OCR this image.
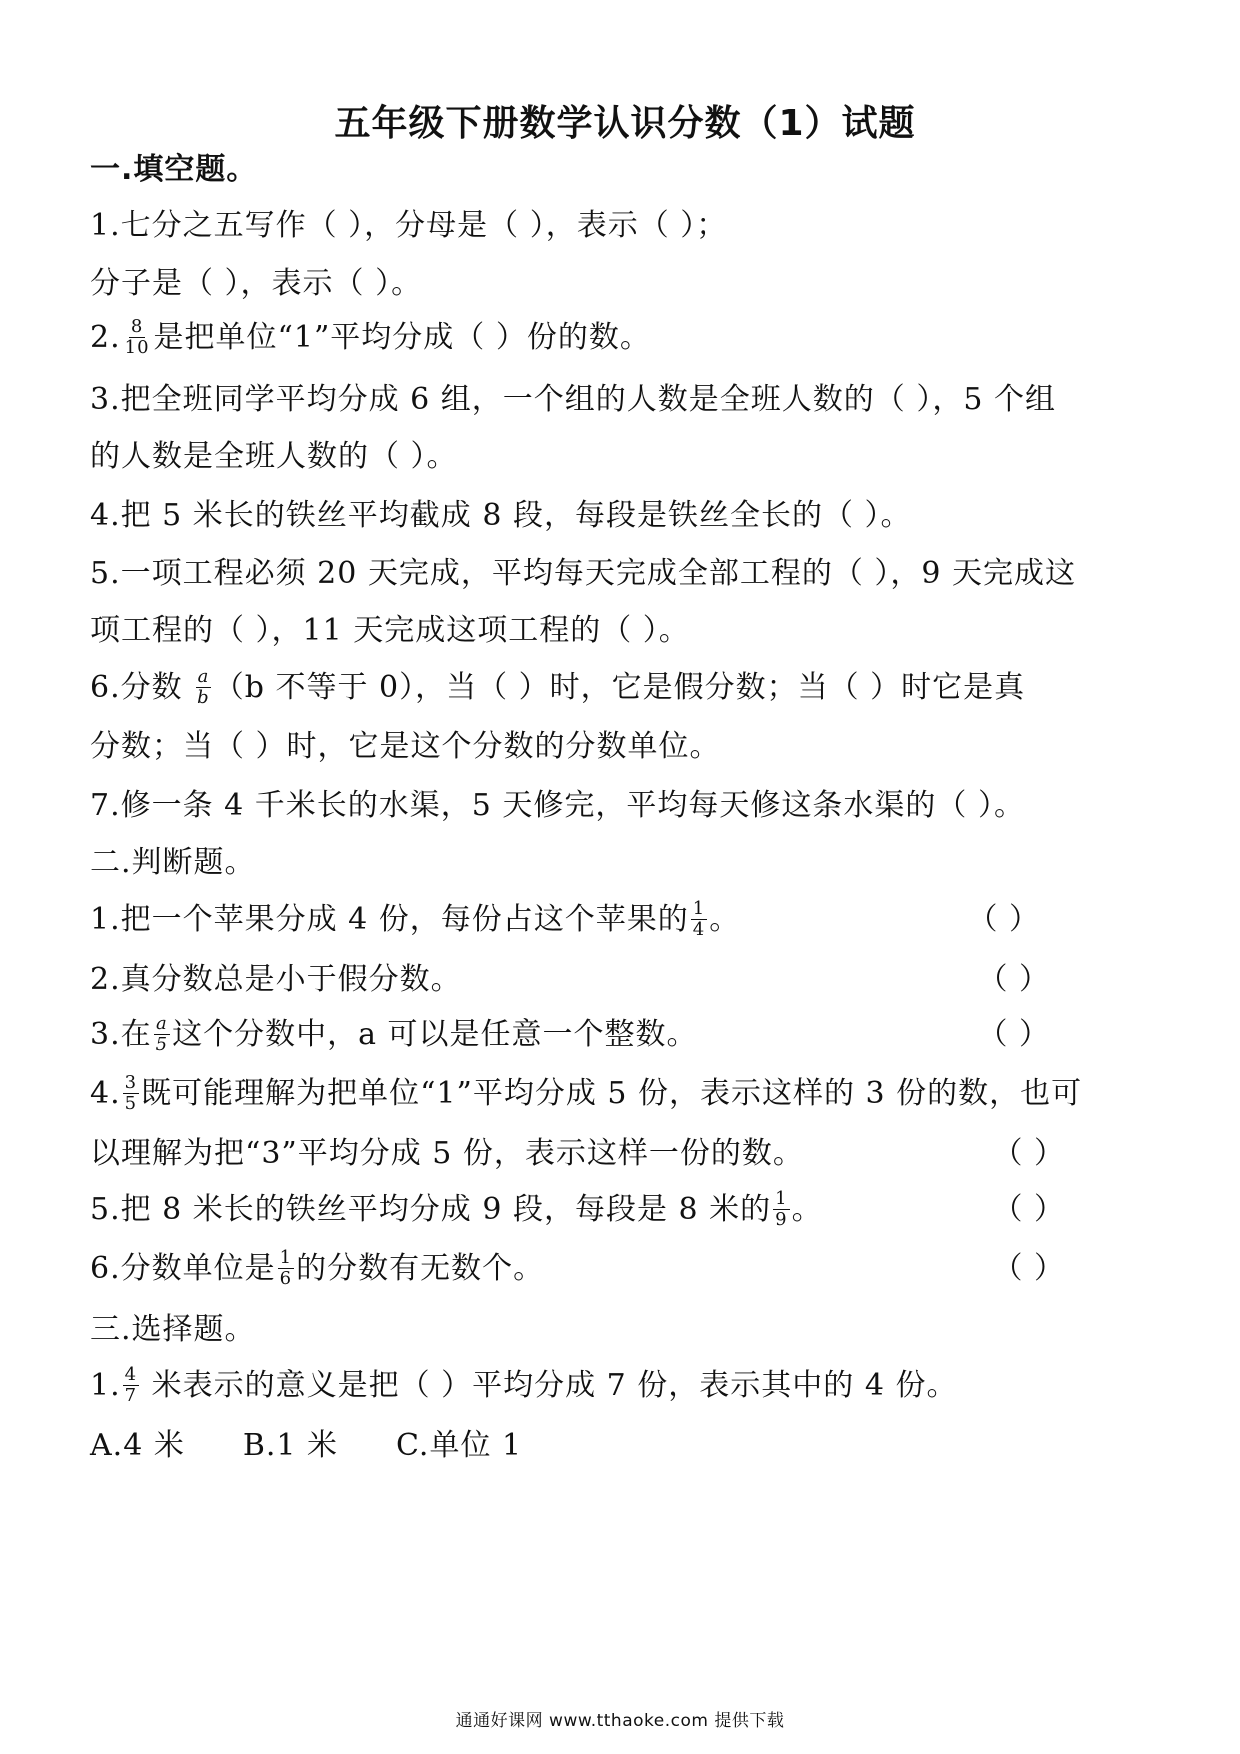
五年级下册数学认识分数（1）试题
一.填空题。
1.七分之五写作（ ），分母是（ ），表示（ ）；
分子是（ ），表示（ ）。
2. $\frac{8}{10}$ 是把单位“1”平均分成（ ）份的数。
3.把全班同学平均分成 6 组，一个组的人数是全班人数的（ ），5 个组
的人数是全班人数的（ ）。
4.把 5 米长的铁丝平均截成 8 段，每段是铁丝全长的（ ）。
5.一项工程必须 20 天完成，平均每天完成全部工程的（ ），9 天完成这
项工程的（ ），11 天完成这项工程的（ ）。
6.分数 $\frac{a}{b} (b$ 不等于 0），当（ ）时，它是假分数；当（ ）时它是真
分数；当（ ）时，它是这个分数的分数单位。
7.修一条 4 千米长的水渠，5 天修完，平均每天修这条水渠的（ ）。
二.判断题。
1.把一个苹果分成 4 份，每份占这个苹果的 $\frac{1}{4}$ 。	（ ）
2.真分数总是小于假分数。	（ ）
3.在 $\frac{a}{5}$ 这个分数中，a 可以是任意一个整数。	（ ）
4. $\frac{3}{5}$ 既可能理解为把单位“1”平均分成 5 份，表示这样的 3 份的数，也可
以理解为把“3”平均分成 5 份，表示这样一份的数。	（ ）
5.把 8 米长的铁丝平均分成 9 段，每段是 8 米的 $\frac{1}{9}$ 。	（ ）
6.分数单位是 $\frac{1}{6}$ 的分数有无数个。	（ ）
三.选择题。
1. $\frac{4}{7}$ 米表示的意义是把（ ）平均分成 7 份，表示其中的 4 份。
A.4 米 B.1 米 C.单位 1
通通好课网 www.tthaoke.com 提供下载
